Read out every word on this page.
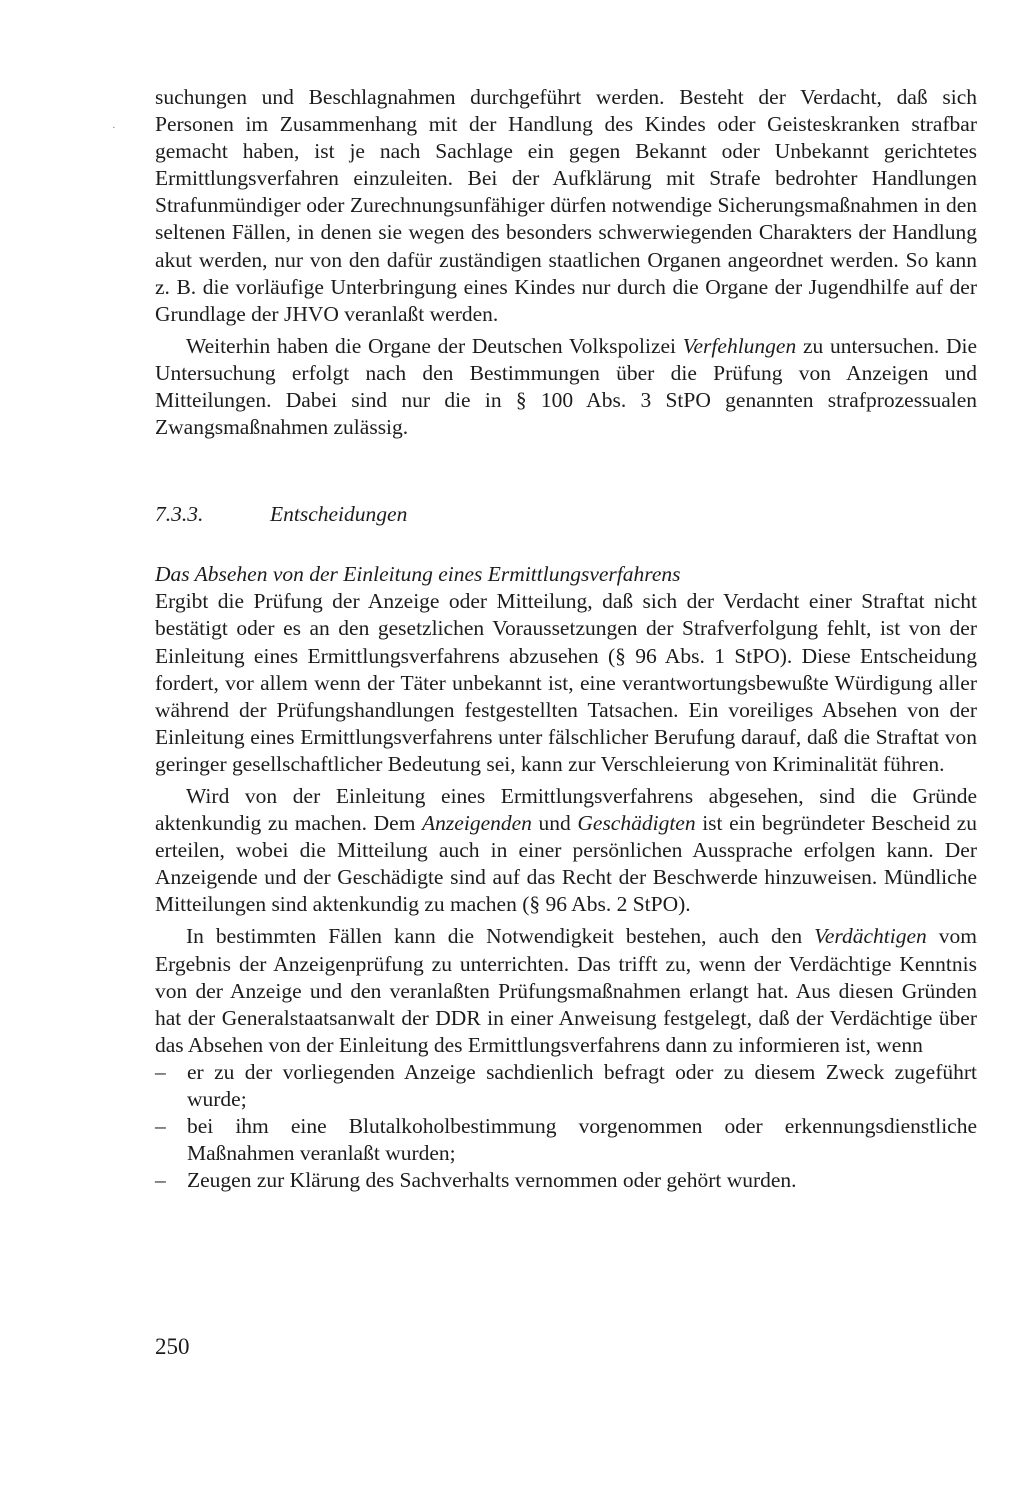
·

suchungen und Beschlagnahmen durchgeführt werden. Besteht der Verdacht, daß sich Personen im Zusammenhang mit der Handlung des Kindes oder Geisteskranken strafbar gemacht haben, ist je nach Sachlage ein gegen Bekannt oder Unbekannt gerichtetes Ermittlungsverfahren einzuleiten. Bei der Aufklärung mit Strafe bedrohter Handlungen Strafunmündiger oder Zurechnungsunfähiger dürfen notwendige Sicherungsmaßnahmen in den seltenen Fällen, in denen sie wegen des besonders schwerwiegenden Charakters der Handlung akut werden, nur von den dafür zuständigen staatlichen Organen angeordnet werden. So kann z. B. die vorläufige Unterbringung eines Kindes nur durch die Organe der Jugendhilfe auf der Grundlage der JHVO veranlaßt werden.

Weiterhin haben die Organe der Deutschen Volkspolizei Verfehlungen zu untersuchen. Die Untersuchung erfolgt nach den Bestimmungen über die Prüfung von Anzeigen und Mitteilungen. Dabei sind nur die in § 100 Abs. 3 StPO genannten strafprozessualen Zwangsmaßnahmen zulässig.

7.3.3.	Entscheidungen
Das Absehen von der Einleitung eines Ermittlungsverfahrens

Ergibt die Prüfung der Anzeige oder Mitteilung, daß sich der Verdacht einer Straftat nicht bestätigt oder es an den gesetzlichen Voraussetzungen der Strafverfolgung fehlt, ist von der Einleitung eines Ermittlungsverfahrens abzusehen (§ 96 Abs. 1 StPO). Diese Entscheidung fordert, vor allem wenn der Täter unbekannt ist, eine verantwortungsbewußte Würdigung aller während der Prüfungshandlungen festgestellten Tatsachen. Ein voreiliges Absehen von der Einleitung eines Ermittlungsverfahrens unter fälschlicher Berufung darauf, daß die Straftat von geringer gesellschaftlicher Bedeutung sei, kann zur Verschleierung von Kriminalität führen.

Wird von der Einleitung eines Ermittlungsverfahrens abgesehen, sind die Gründe aktenkundig zu machen. Dem Anzeigenden und Geschädigten ist ein begründeter Bescheid zu erteilen, wobei die Mitteilung auch in einer persönlichen Aussprache erfolgen kann. Der Anzeigende und der Geschädigte sind auf das Recht der Beschwerde hinzuweisen. Mündliche Mitteilungen sind aktenkundig zu machen (§ 96 Abs. 2 StPO).

In bestimmten Fällen kann die Notwendigkeit bestehen, auch den Verdächtigen vom Ergebnis der Anzeigenprüfung zu unterrichten. Das trifft zu, wenn der Verdächtige Kenntnis von der Anzeige und den veranlaßten Prüfungsmaßnahmen erlangt hat. Aus diesen Gründen hat der Generalstaatsanwalt der DDR in einer Anweisung festgelegt, daß der Verdächtige über das Absehen von der Einleitung des Ermittlungsverfahrens dann zu informieren ist, wenn

– er zu der vorliegenden Anzeige sachdienlich befragt oder zu diesem Zweck zugeführt wurde;
– bei ihm eine Blutalkoholbestimmung vorgenommen oder erkennungsdienstliche Maßnahmen veranlaßt wurden;
– Zeugen zur Klärung des Sachverhalts vernommen oder gehört wurden.
250
